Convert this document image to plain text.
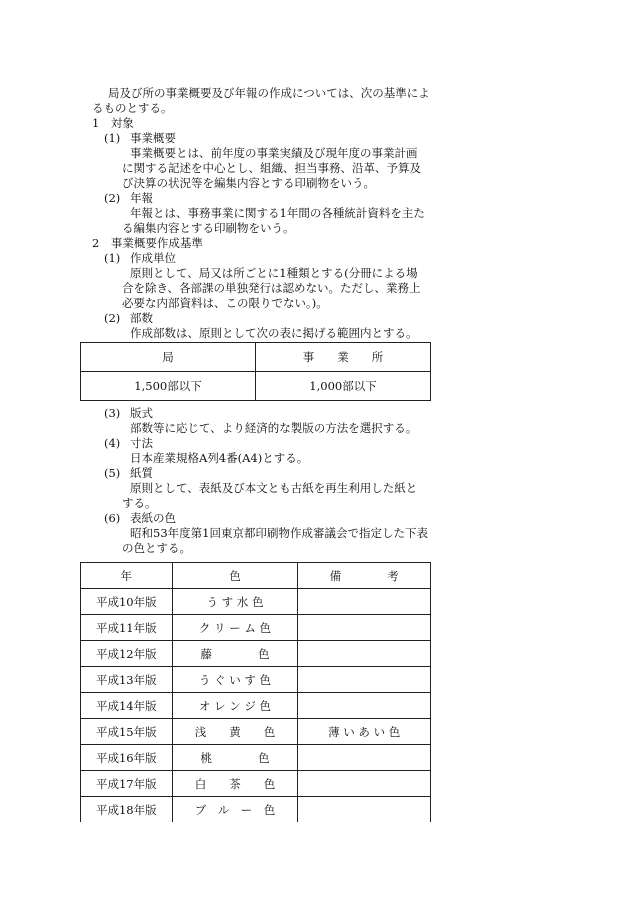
局及び所の事業概要及び年報の作成については、次の基準によ
るものとする。
1　対象
(1) 事業概要
事業概要とは、前年度の事業実績及び現年度の事業計画
に関する記述を中心とし、組織、担当事務、沿革、予算及
び決算の状況等を編集内容とする印刷物をいう。
(2) 年報
年報とは、事務事業に関する1年間の各種統計資料を主た
る編集内容とする印刷物をいう。
2　事業概要作成基準
(1) 作成単位
原則として、局又は所ごとに1種類とする(分冊による場
合を除き、各部課の単独発行は認めない。ただし、業務上
必要な内部資料は、この限りでない。)。
(2) 部数
作成部数は、原則として次の表に掲げる範囲内とする。
局	事　　業　　所
1,500部以下	1,000部以下
(3) 版式
部数等に応じて、より経済的な製版の方法を選択する。
(4) 寸法
日本産業規格A列4番(A4)とする。
(5) 紙質
原則として、表紙及び本文とも古紙を再生利用した紙と
する。
(6) 表紙の色
昭和53年度第1回東京都印刷物作成審議会で指定した下表
の色とする。
年	色	備　　　　考
平成10年版	う す 水 色	
平成11年版	ク リ ー ム 色	
平成12年版	藤　　　　色	
平成13年版	う ぐ い す 色	
平成14年版	オ レ ン ジ 色	
平成15年版	浅　　黄　　色	薄 い あ い 色
平成16年版	桃　　　　色	
平成17年版	白　　茶　　色	
平成18年版	ブ　ル　ー　色	
